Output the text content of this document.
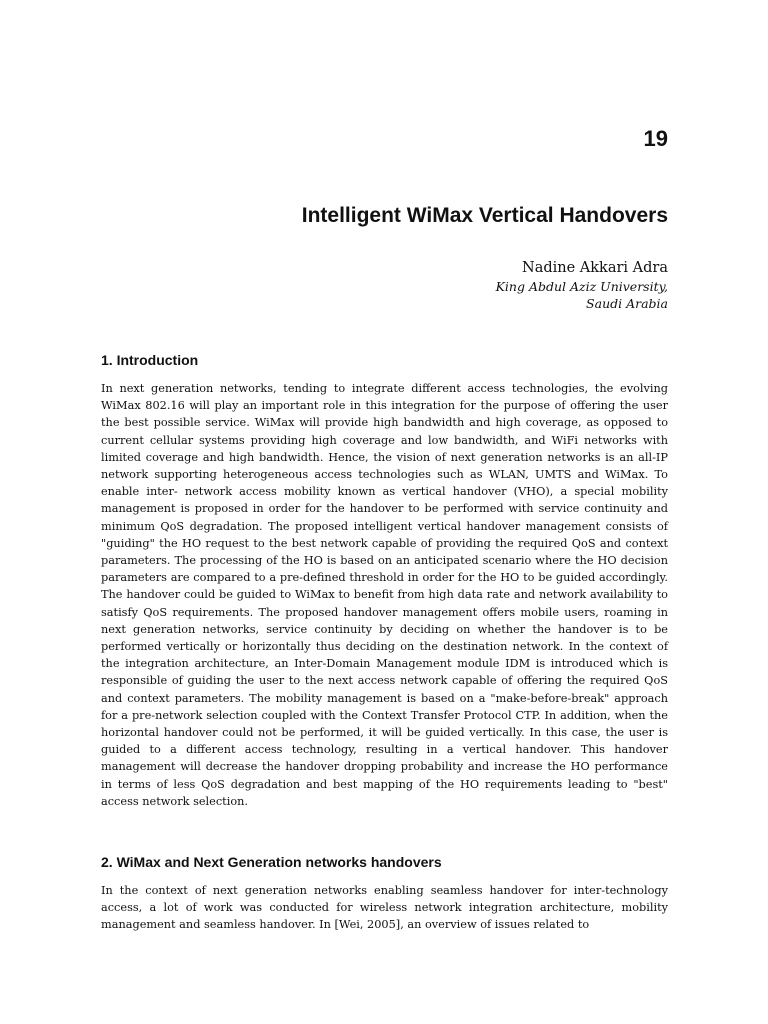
19
Intelligent WiMax Vertical Handovers
Nadine Akkari Adra
King Abdul Aziz University,
Saudi Arabia
1. Introduction

In next generation networks, tending to integrate different access technologies, the evolving WiMax 802.16 will play an important role in this integration for the purpose of offering the user the best possible service. WiMax will provide high bandwidth and high coverage, as opposed to current cellular systems providing high coverage and low bandwidth, and WiFi networks with limited coverage and high bandwidth. Hence, the vision of next generation networks is an all-IP network supporting heterogeneous access technologies such as WLAN, UMTS and WiMax. To enable inter- network access mobility known as vertical handover (VHO), a special mobility management is proposed in order for the handover to be performed with service continuity and minimum QoS degradation. The proposed intelligent vertical handover management consists of "guiding" the HO request to the best network capable of providing the required QoS and context parameters. The processing of the HO is based on an anticipated scenario where the HO decision parameters are compared to a pre-defined threshold in order for the HO to be guided accordingly. The handover could be guided to WiMax to benefit from high data rate and network availability to satisfy QoS requirements. The proposed handover management offers mobile users, roaming in next generation networks, service continuity by deciding on whether the handover is to be performed vertically or horizontally thus deciding on the destination network. In the context of the integration architecture, an Inter-Domain Management module IDM is introduced which is responsible of guiding the user to the next access network capable of offering the required QoS and context parameters. The mobility management is based on a "make-before-break" approach for a pre-network selection coupled with the Context Transfer Protocol CTP. In addition, when the horizontal handover could not be performed, it will be guided vertically. In this case, the user is guided to a different access technology, resulting in a vertical handover. This handover management will decrease the handover dropping probability and increase the HO performance in terms of less QoS degradation and best mapping of the HO requirements leading to "best" access network selection.

2. WiMax and Next Generation networks handovers

In the context of next generation networks enabling seamless handover for inter-technology access, a lot of work was conducted for wireless network integration architecture, mobility management and seamless handover. In [Wei, 2005], an overview of issues related to
